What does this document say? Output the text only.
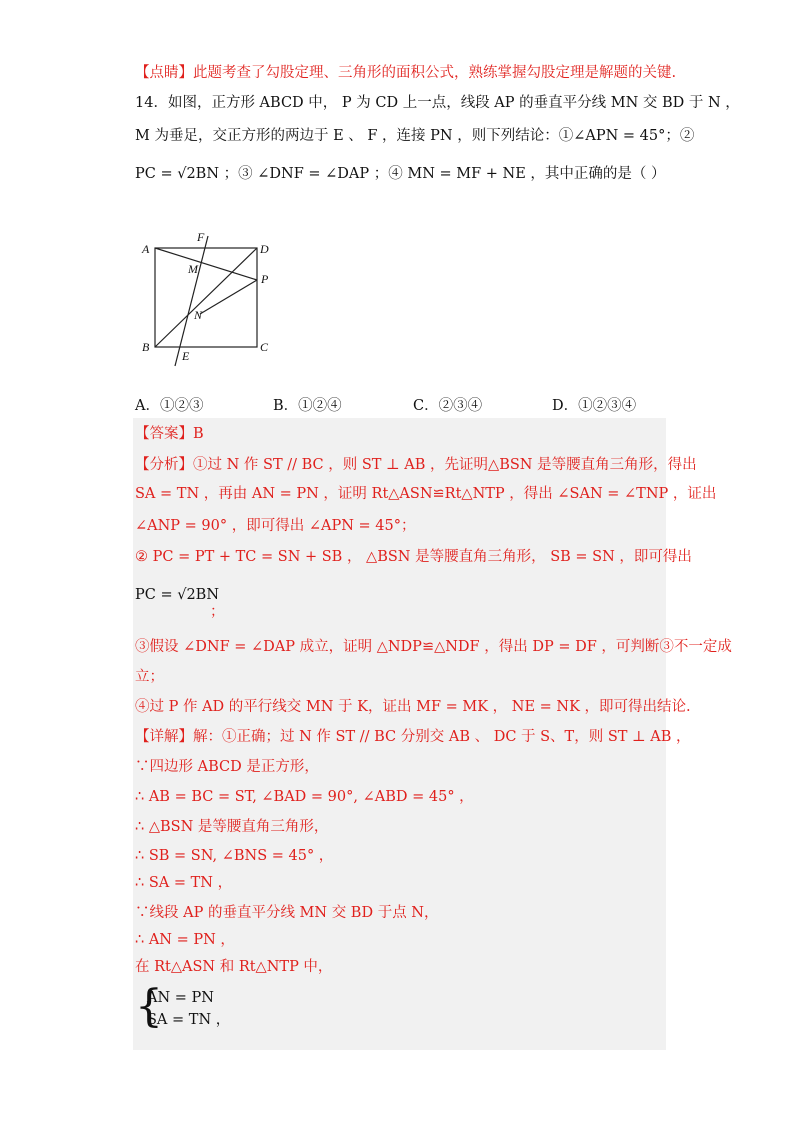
【点睛】此题考查了勾股定理、三角形的面积公式，熟练掌握勾股定理是解题的关键.
14．如图，正方形 ABCD 中， P 为 CD 上一点，线段 AP 的垂直平分线 MN 交 BD 于 N ，
M 为垂足，交正方形的两边于 E 、 F ，连接 PN ，则下列结论：①∠APN = 45°；②
PC = √2BN ；③ ∠DNF = ∠DAP ；④ MN = MF + NE ，其中正确的是（ ）
A
F
D
M
P
N
B
E
C
A．①②③	B．①②④	C．②③④	D．①②③④
【答案】B
【分析】①过 N 作 ST // BC ，则 ST ⊥ AB ，先证明△BSN 是等腰直角三角形，得出
SA = TN ，再由 AN = PN ，证明 Rt△ASN≌Rt△NTP ，得出 ∠SAN = ∠TNP ，证出
∠ANP = 90° ，即可得出 ∠APN = 45°；
② PC = PT + TC = SN + SB ， △BSN 是等腰直角三角形， SB = SN ，即可得出
PC = √2BN
；
③假设 ∠DNF = ∠DAP 成立，证明 △NDP≌△NDF ，得出 DP = DF ，可判断③不一定成
立；
④过 P 作 AD 的平行线交 MN 于 K，证出 MF = MK ， NE = NK ，即可得出结论.
【详解】解：①正确；过 N 作 ST // BC 分别交 AB 、 DC 于 S、T，则 ST ⊥ AB ，
∵四边形 ABCD 是正方形，
∴ AB = BC = ST, ∠BAD = 90°, ∠ABD = 45° ，
∴ △BSN 是等腰直角三角形，
∴ SB = SN, ∠BNS = 45° ，
∴ SA = TN ，
∵线段 AP 的垂直平分线 MN 交 BD 于点 N，
∴ AN = PN ，
在 Rt△ASN 和 Rt△NTP 中，
{
AN = PN
SA = TN ，
